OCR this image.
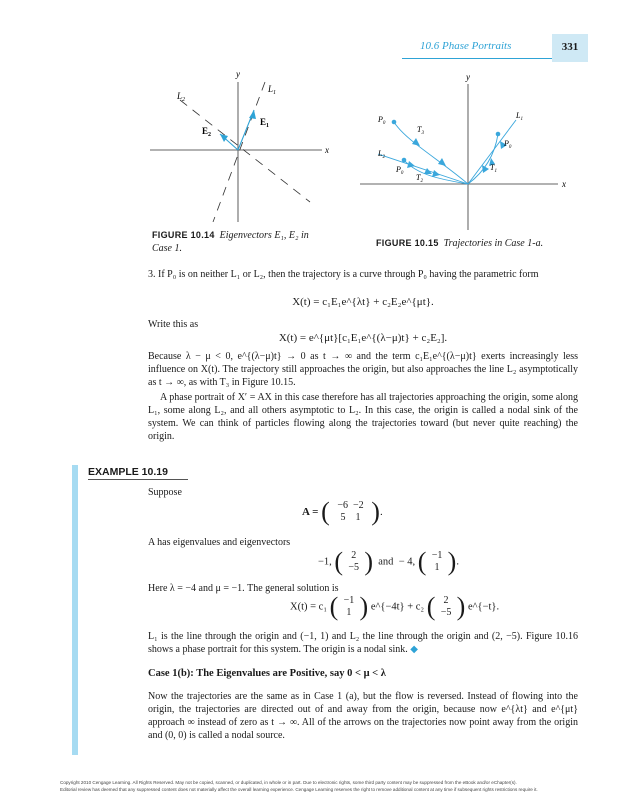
10.6 Phase Portraits	331
y
x
$L_1$
$L_2$
$E_1$
$E_2$
FIGURE 10.14 Eigenvectors E₁, E₂ in
Case 1.
y
x
$P_0$
$P_0$
$P_0$
$T_3$
$T_2$
$T_1$
$L_1$
$L_2$
FIGURE 10.15 Trajectories in Case 1-a.
3. If P₀ is on neither L₁ or L₂, then the trajectory is a curve through P₀ having the parametric form
X(t) = c₁E₁e^{λt} + c₂E₂e^{μt}.
Write this as
X(t) = e^{μt}[c₁E₁e^{(λ−μ)t} + c₂E₂].
Because λ − μ < 0, e^{(λ−μ)t} → 0 as t → ∞ and the term c₁E₁e^{(λ−μ)t} exerts increasingly less influence on X(t). The trajectory still approaches the origin, but also approaches the line L₂ asymptotically as t → ∞, as with T₃ in Figure 10.15.
A phase portrait of X′ = AX in this case therefore has all trajectories approaching the origin, some along L₁, some along L₂, and all others asymptotic to L₂. In this case, the origin is called a nodal sink of the system. We can think of particles flowing along the trajectories toward (but never quite reaching) the origin.
EXAMPLE 10.19
Suppose
A = ( −6 −2
5 1 ).
A has eigenvalues and eigenvectors
−1, ( 2
−5 ) and − 4, ( −1
1 ).
Here λ = −4 and μ = −1. The general solution is
X(t) = c₁ ( −1
1 ) e^{−4t} + c₂ ( 2
−5 ) e^{−t}.
L₁ is the line through the origin and (−1, 1) and L₂ the line through the origin and (2, −5). Figure 10.16 shows a phase portrait for this system. The origin is a nodal sink. ◆
Case 1(b): The Eigenvalues are Positive, say 0 < μ < λ
Now the trajectories are the same as in Case 1 (a), but the flow is reversed. Instead of flowing into the origin, the trajectories are directed out of and away from the origin, because now e^{λt} and e^{μt} approach ∞ instead of zero as t → ∞. All of the arrows on the trajectories now point away from the origin and (0, 0) is called a nodal source.
Copyright 2010 Cengage Learning. All Rights Reserved. May not be copied, scanned, or duplicated, in whole or in part. Due to electronic rights, some third party content may be suppressed from the eBook and/or eChapter(s).
Editorial review has deemed that any suppressed content does not materially affect the overall learning experience. Cengage Learning reserves the right to remove additional content at any time if subsequent rights restrictions require it.
